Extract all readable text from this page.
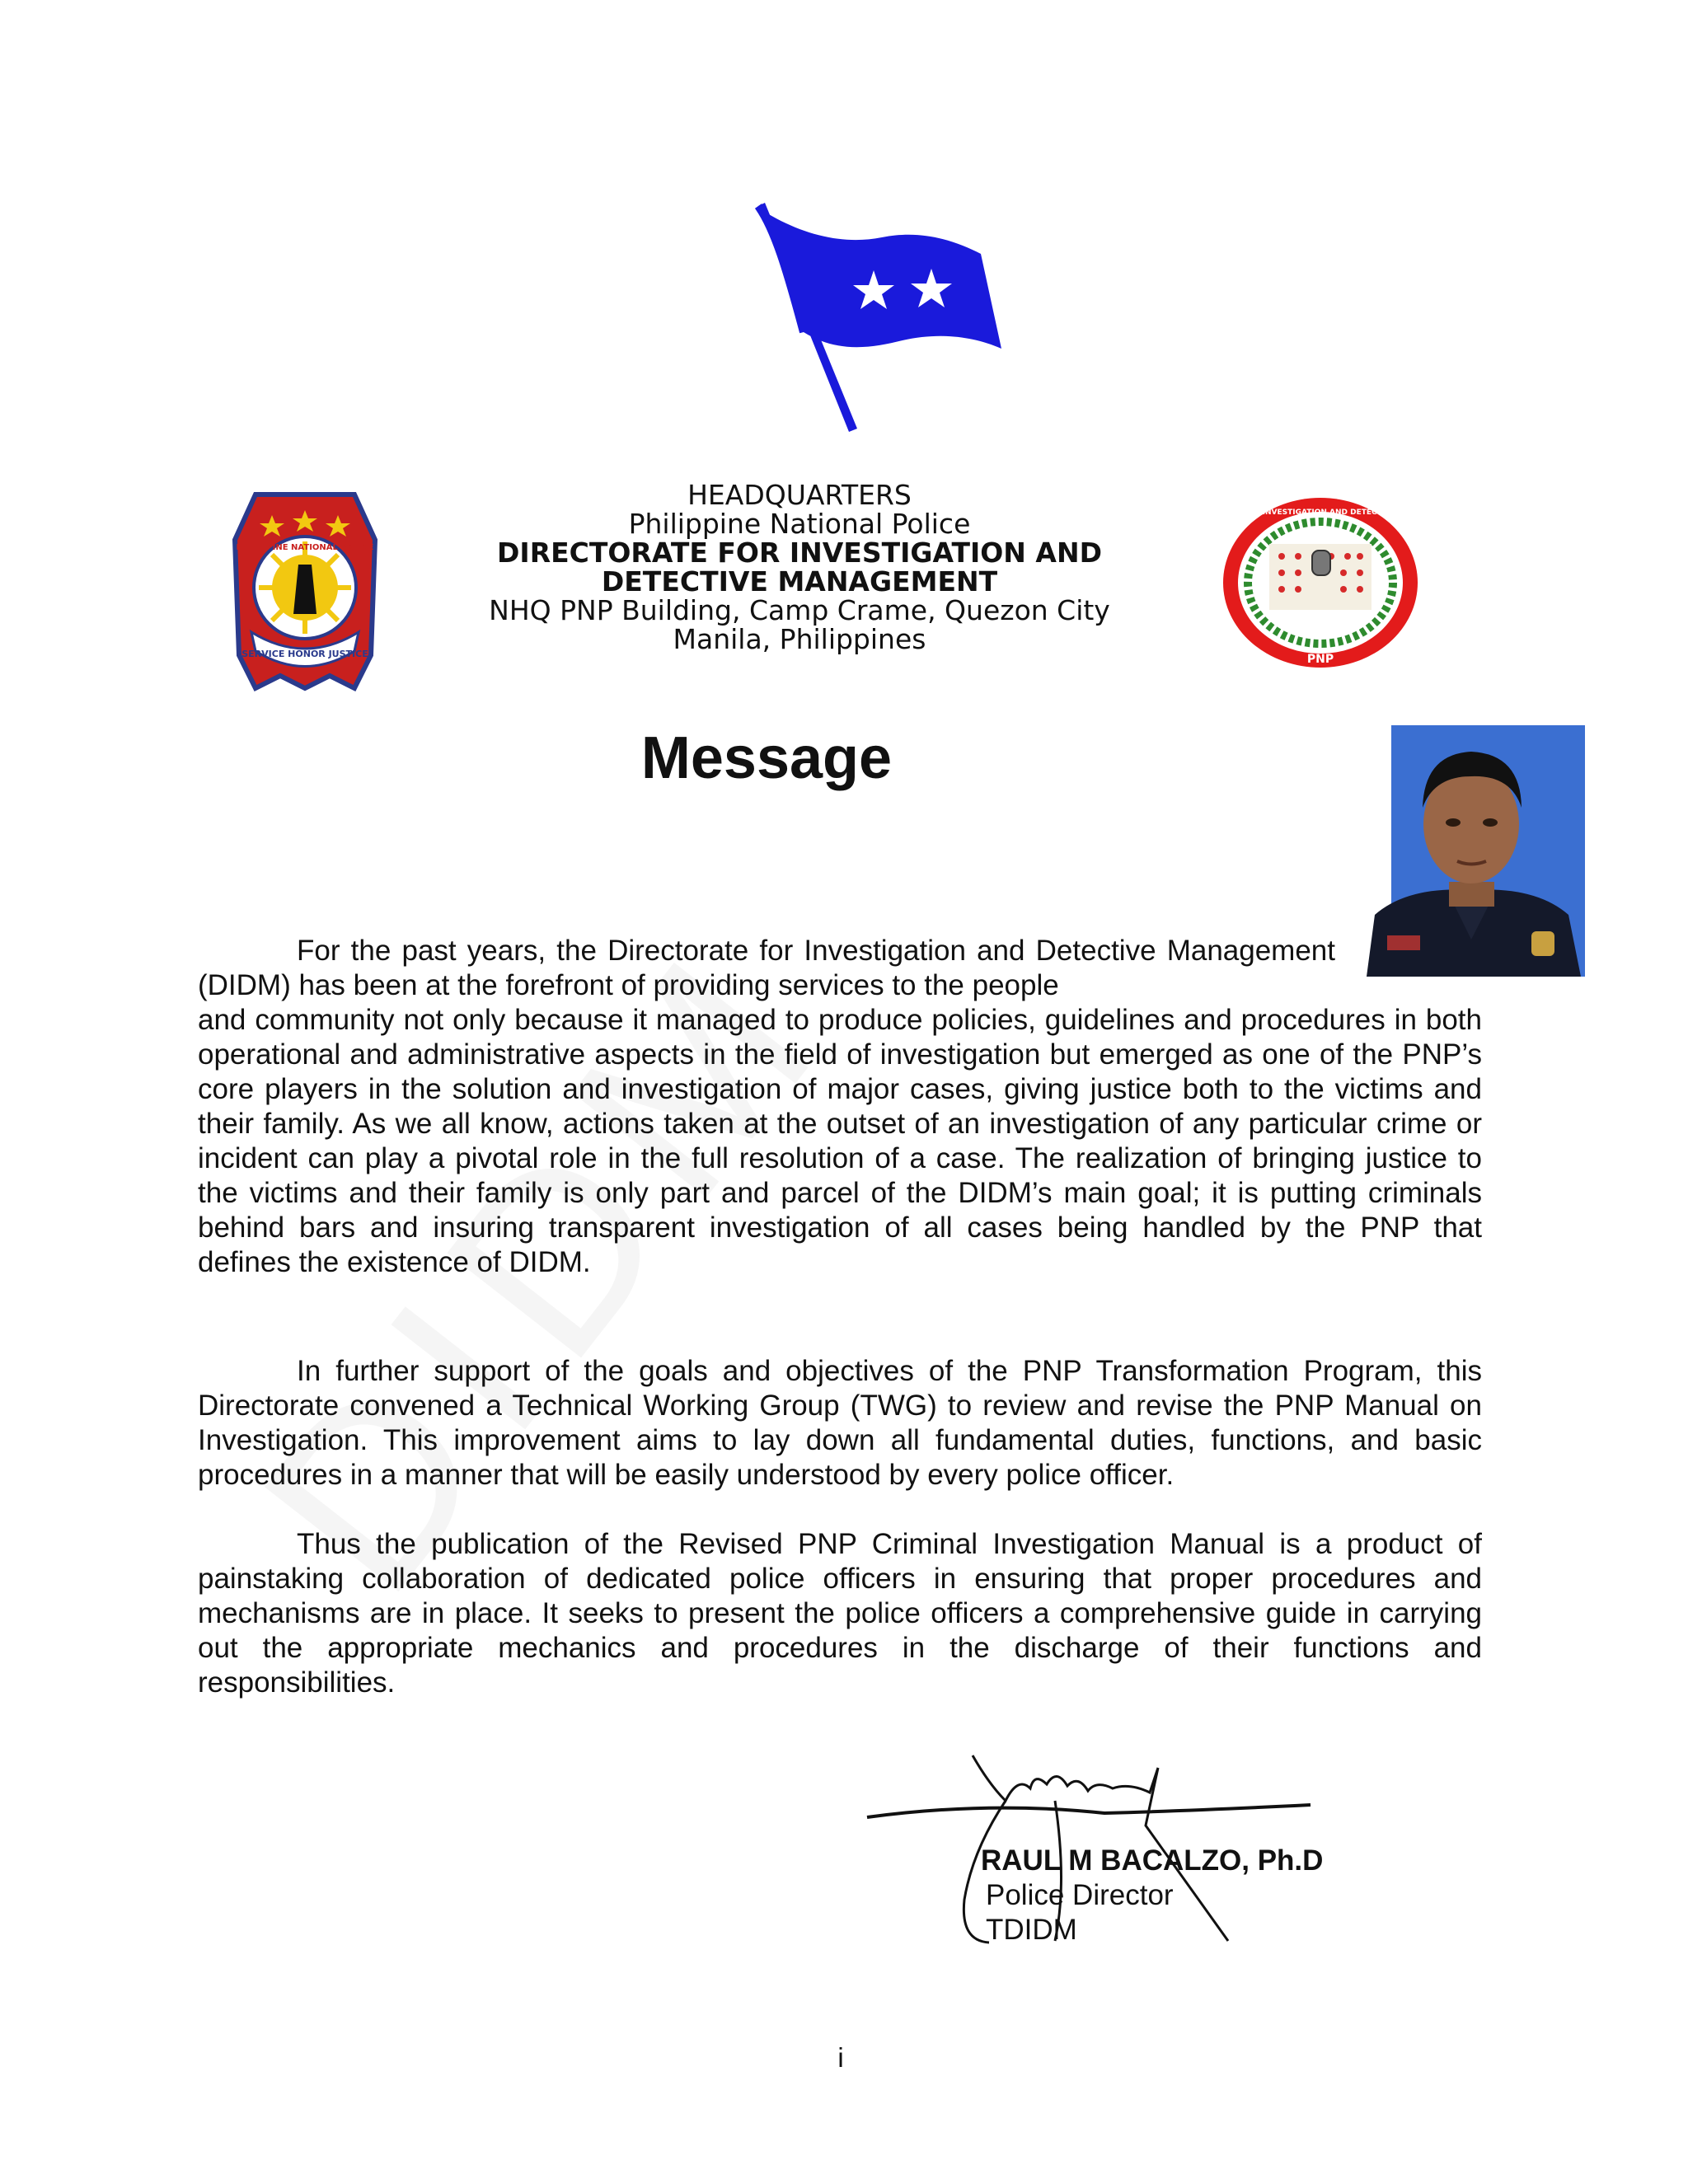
SERVICE HONOR JUSTICE
PHILIPPINE NATIONAL POLICE
DIRECTORATE FOR INVESTIGATION AND DETECTIVE MANAGEMENT
PNP
HEADQUARTERS
Philippine National Police
DIRECTORATE FOR INVESTIGATION AND
DETECTIVE MANAGEMENT
NHQ PNP Building, Camp Crame, Quezon City
Manila, Philippines
Message

For the past years, the Directorate for Investigation and Detective Management (DIDM) has been at the forefront of providing services to the people

and community not only because it managed to produce policies, guidelines and procedures in both operational and administrative aspects in the field of investigation but emerged as one of the PNP’s core players in the solution and investigation of major cases, giving justice both to the victims and their family. As we all know, actions taken at the outset of an investigation of any particular crime or incident can play a pivotal role in the full resolution of a case. The realization of bringing justice to the victims and their family is only part and parcel of the DIDM’s main goal; it is putting criminals behind bars and insuring transparent investigation of all cases being handled by the PNP that defines the existence of DIDM.

In further support of the goals and objectives of the PNP Transformation Program, this Directorate convened a Technical Working Group (TWG) to review and revise the PNP Manual on Investigation. This improvement aims to lay down all fundamental duties, functions, and basic procedures in a manner that will be easily understood by every police officer.

Thus the publication of the Revised PNP Criminal Investigation Manual is a product of painstaking collaboration of dedicated police officers in ensuring that proper procedures and mechanisms are in place. It seeks to present the police officers a comprehensive guide in carrying out the appropriate mechanics and procedures in the discharge of their functions and responsibilities.

RAUL M BACALZO, Ph.D
Police Director
TDIDM
i
